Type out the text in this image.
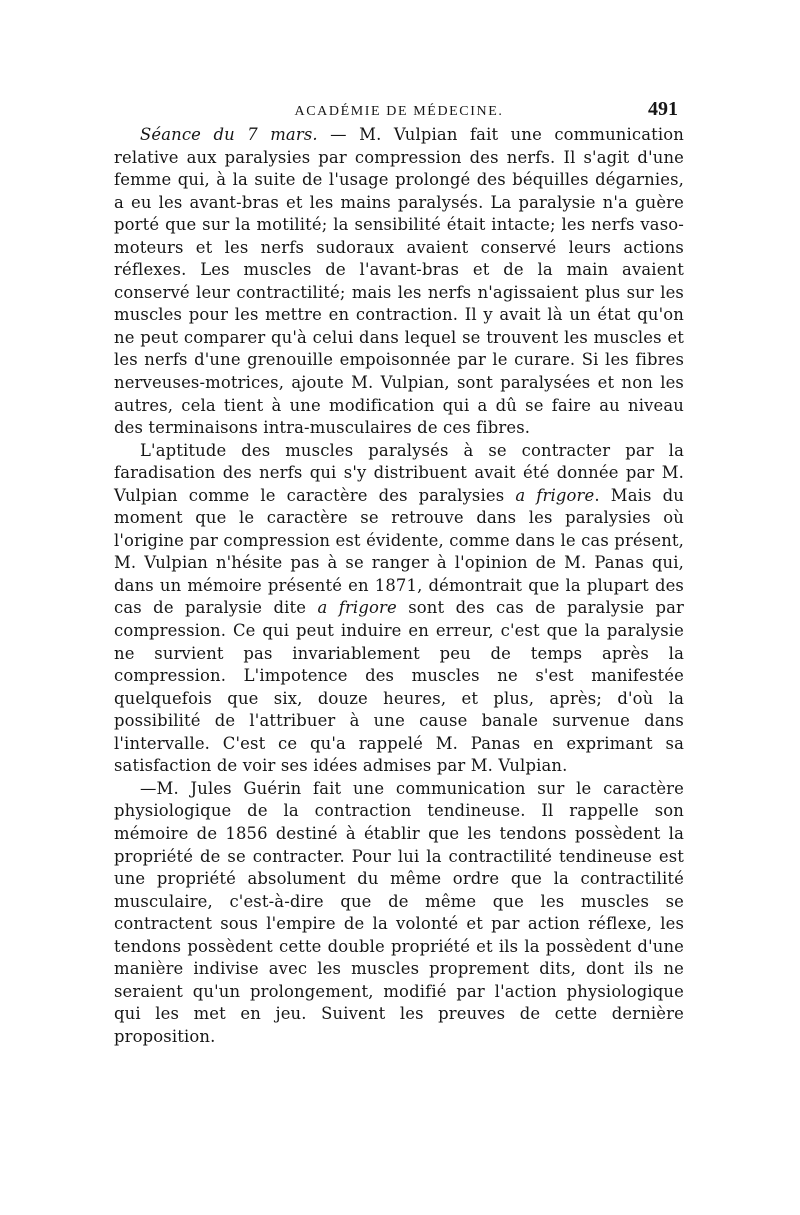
ACADÉMIE DE MÉDECINE.	491

Séance du 7 mars. — M. Vulpian fait une communication relative aux paralysies par compression des nerfs. Il s'agit d'une femme qui, à la suite de l'usage prolongé des béquilles dégarnies, a eu les avant-bras et les mains paralysés. La paralysie n'a guère porté que sur la motilité; la sensibilité était intacte; les nerfs vaso-moteurs et les nerfs sudoraux avaient conservé leurs actions réflexes. Les muscles de l'avant-bras et de la main avaient conservé leur contractilité; mais les nerfs n'agissaient plus sur les muscles pour les mettre en contraction. Il y avait là un état qu'on ne peut comparer qu'à celui dans lequel se trouvent les muscles et les nerfs d'une grenouille empoisonnée par le curare. Si les fibres nerveuses-motrices, ajoute M. Vulpian, sont paralysées et non les autres, cela tient à une modification qui a dû se faire au niveau des terminaisons intra-musculaires de ces fibres.

L'aptitude des muscles paralysés à se contracter par la faradisation des nerfs qui s'y distribuent avait été donnée par M. Vulpian comme le caractère des paralysies a frigore. Mais du moment que le caractère se retrouve dans les paralysies où l'origine par compression est évidente, comme dans le cas présent, M. Vulpian n'hésite pas à se ranger à l'opinion de M. Panas qui, dans un mémoire présenté en 1871, démontrait que la plupart des cas de paralysie dite a frigore sont des cas de paralysie par compression. Ce qui peut induire en erreur, c'est que la paralysie ne survient pas invariablement peu de temps après la compression. L'impotence des muscles ne s'est manifestée quelquefois que six, douze heures, et plus, après; d'où la possibilité de l'attribuer à une cause banale survenue dans l'intervalle. C'est ce qu'a rappelé M. Panas en exprimant sa satisfaction de voir ses idées admises par M. Vulpian.

—M. Jules Guérin fait une communication sur le caractère physiologique de la contraction tendineuse. Il rappelle son mémoire de 1856 destiné à établir que les tendons possèdent la propriété de se contracter. Pour lui la contractilité tendineuse est une propriété absolument du même ordre que la contractilité musculaire, c'est-à-dire que de même que les muscles se contractent sous l'empire de la volonté et par action réflexe, les tendons possèdent cette double propriété et ils la possèdent d'une manière indivise avec les muscles proprement dits, dont ils ne seraient qu'un prolongement, modifié par l'action physiologique qui les met en jeu. Suivent les preuves de cette dernière proposition.
